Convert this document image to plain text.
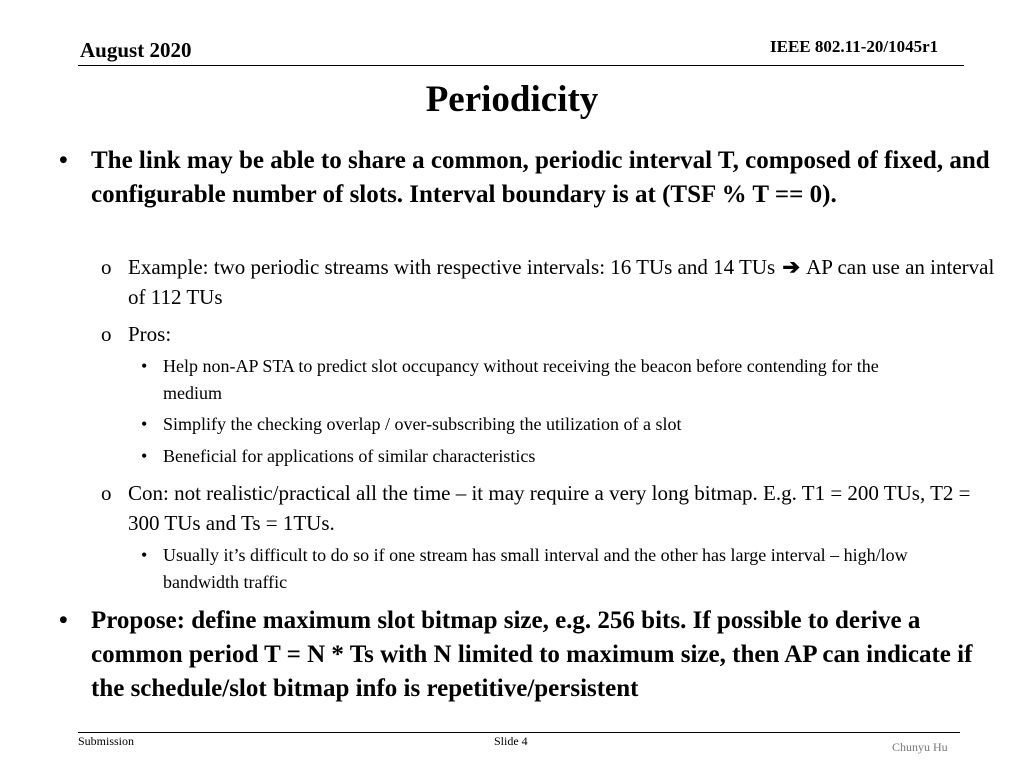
August 2020	IEEE 802.11-20/1045r1
Periodicity
• The link may be able to share a common, periodic interval T, composed of fixed, and configurable number of slots. Interval boundary is at (TSF % T == 0).
o Example: two periodic streams with respective intervals: 16 TUs and 14 TUs ➔ AP can use an interval of 112 TUs
o Pros:
• Help non-AP STA to predict slot occupancy without receiving the beacon before contending for the medium
• Simplify the checking overlap / over-subscribing the utilization of a slot
• Beneficial for applications of similar characteristics
o Con: not realistic/practical all the time – it may require a very long bitmap. E.g. T1 = 200 TUs, T2 = 300 TUs and Ts = 1TUs.
• Usually it’s difficult to do so if one stream has small interval and the other has large interval – high/low bandwidth traffic
• Propose: define maximum slot bitmap size, e.g. 256 bits. If possible to derive a common period T = N * Ts with N limited to maximum size, then AP can indicate if the schedule/slot bitmap info is repetitive/persistent
Submission	Slide 4	Chunyu Hu
